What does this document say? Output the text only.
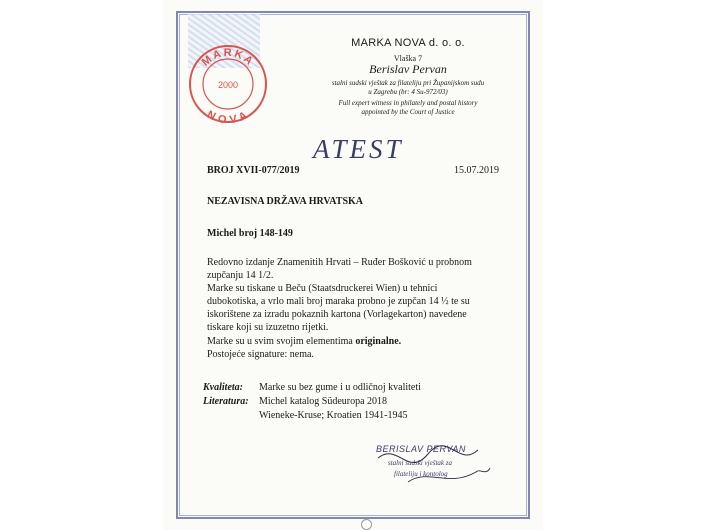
MARKA
NOVA
2000
MARKA NOVA d. o. o.
Vlaška 7
Berislav Pervan
stalni sudski vještak za filateliju pri Županijskom sudu
u Zagrebu (br: 4 Su-972/03)
Full expert witness in philately and postal history
appointed by the Court of Justice
ATEST
BROJ XVII-077/2019	15.07.2019
NEZAVISNA DRŽAVA HRVATSKA
Michel broj 148-149
Redovno izdanje Znamenitih Hrvati – Ruđer Bošković u probnom
zupčanju 14 1/2.
Marke su tiskane u Beču (Staatsdruckerei Wien) u tehnici
dubokotiska, a vrlo mali broj maraka probno je zupčan 14 ½ te su
iskorištene za izradu pokaznih kartona (Vorlagekarton) navedene
tiskare koji su izuzetno rijetki.
Marke su u svim svojim elementima originalne.
Postojeće signature: nema.
Kvaliteta: Marke su bez gume i u odličnoj kvaliteti
Literatura: Michel katalog Südeuropa 2018
Wieneke-Kruse; Kroatien 1941-1945
BERISLAV PERVAN
stalni sudski vještak za
filateliju i kontolog
